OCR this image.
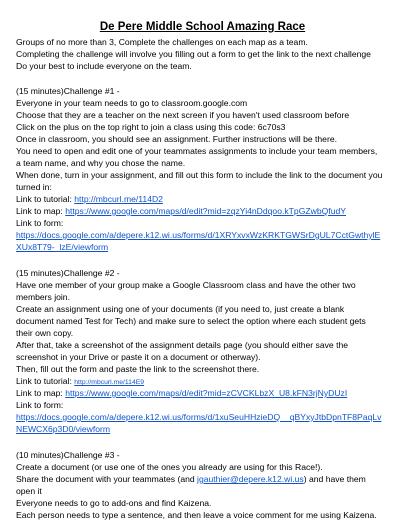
De Pere Middle School Amazing Race
Groups of no more than 3, Complete the challenges on each map as a team.
Completing the challenge will involve you filling out a form to get the link to the next challenge
Do your best to include everyone on the team.
(15 minutes)Challenge #1 -
Everyone in your team needs to go to classroom.google.com
Choose that they are a teacher on the next screen if you haven't used classroom before
Click on the plus on the top right to join a class using this code: 6c70s3
Once in classroom, you should see an assignment. Further instructions will be there.
You need to open and edit one of your teammates assignments to include your team members,
a team name, and why you chose the name.
When done, turn in your assignment, and fill out this form to include the link to the document you
turned in:
Link to tutorial: http://mbcurl.me/114D2
Link to map: https://www.google.com/maps/d/edit?mid=zqzYi4nDdqoo.kTpGZwbQfudY
Link to form:
https://docs.google.com/a/depere.k12.wi.us/forms/d/1XRYxvxWzKRKTGWSrDgUL7CctGwthylE
XUx8T79-_lzE/viewform
(15 minutes)Challenge #2 -
Have one member of your group make a Google Classroom class and have the other two
members join.
Create an assignment using one of your documents (if you need to, just create a blank
document named Test for Tech) and make sure to select the option where each student gets
their own copy.
After that, take a screenshot of the assignment details page (you should either save the
screenshot in your Drive or paste it on a document or otherway).
Then, fill out the form and paste the link to the screenshot there.
Link to tutorial: http://mbcurl.me/114E9
Link to map: https://www.google.com/maps/d/edit?mid=zCVCKLbzX_U8.kFN3rjNyDUzI
Link to form:
https://docs.google.com/a/depere.k12.wi.us/forms/d/1xuSeuHHzieDQ__qBYxyJtbDpnTF8PaqLv
NEWCX6p3D0/viewform
(10 minutes)Challenge #3 -
Create a document (or use one of the ones you already are using for this Race!).
Share the document with your teammates (and jgauthier@depere.k12.wi.us) and have them
open it
Everyone needs to go to add-ons and find Kaizena.
Each person needs to type a sentence, and then leave a voice comment for me using Kaizena.
